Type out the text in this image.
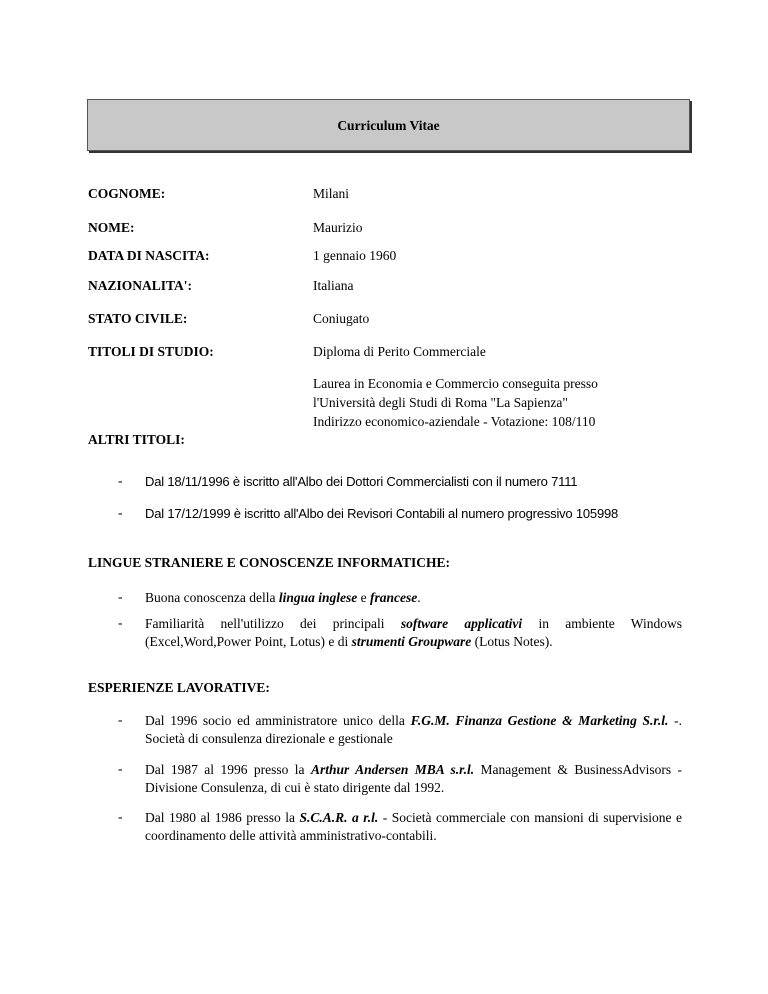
Curriculum Vitae
COGNOME:	Milani
NOME:	Maurizio
DATA DI NASCITA:	1 gennaio 1960
NAZIONALITA':	Italiana
STATO CIVILE:	Coniugato
TITOLI DI STUDIO:	Diploma di Perito Commerciale
Laurea in Economia e Commercio conseguita presso
l'Università degli Studi di Roma "La Sapienza"
Indirizzo economico-aziendale - Votazione: 108/110
ALTRI TITOLI:
- Dal 18/11/1996 è iscritto all'Albo dei Dottori Commercialisti con il numero 7111
- Dal 17/12/1999 è iscritto all'Albo dei Revisori Contabili al numero progressivo 105998
LINGUE STRANIERE E CONOSCENZE INFORMATICHE:
- Buona conoscenza della lingua inglese e francese.
- Familiarità nell'utilizzo dei principali software applicativi in ambiente Windows (Excel,Word,Power Point, Lotus) e di strumenti Groupware (Lotus Notes).
ESPERIENZE LAVORATIVE:
- Dal 1996 socio ed amministratore unico della F.G.M. Finanza Gestione & Marketing S.r.l. -. Società di consulenza direzionale e gestionale
- Dal 1987 al 1996 presso la Arthur Andersen MBA s.r.l. Management & BusinessAdvisors - Divisione Consulenza, di cui è stato dirigente dal 1992.
- Dal 1980 al 1986 presso la S.C.A.R. a r.l. - Società commerciale con mansioni di supervisione e coordinamento delle attività amministrativo-contabili.
